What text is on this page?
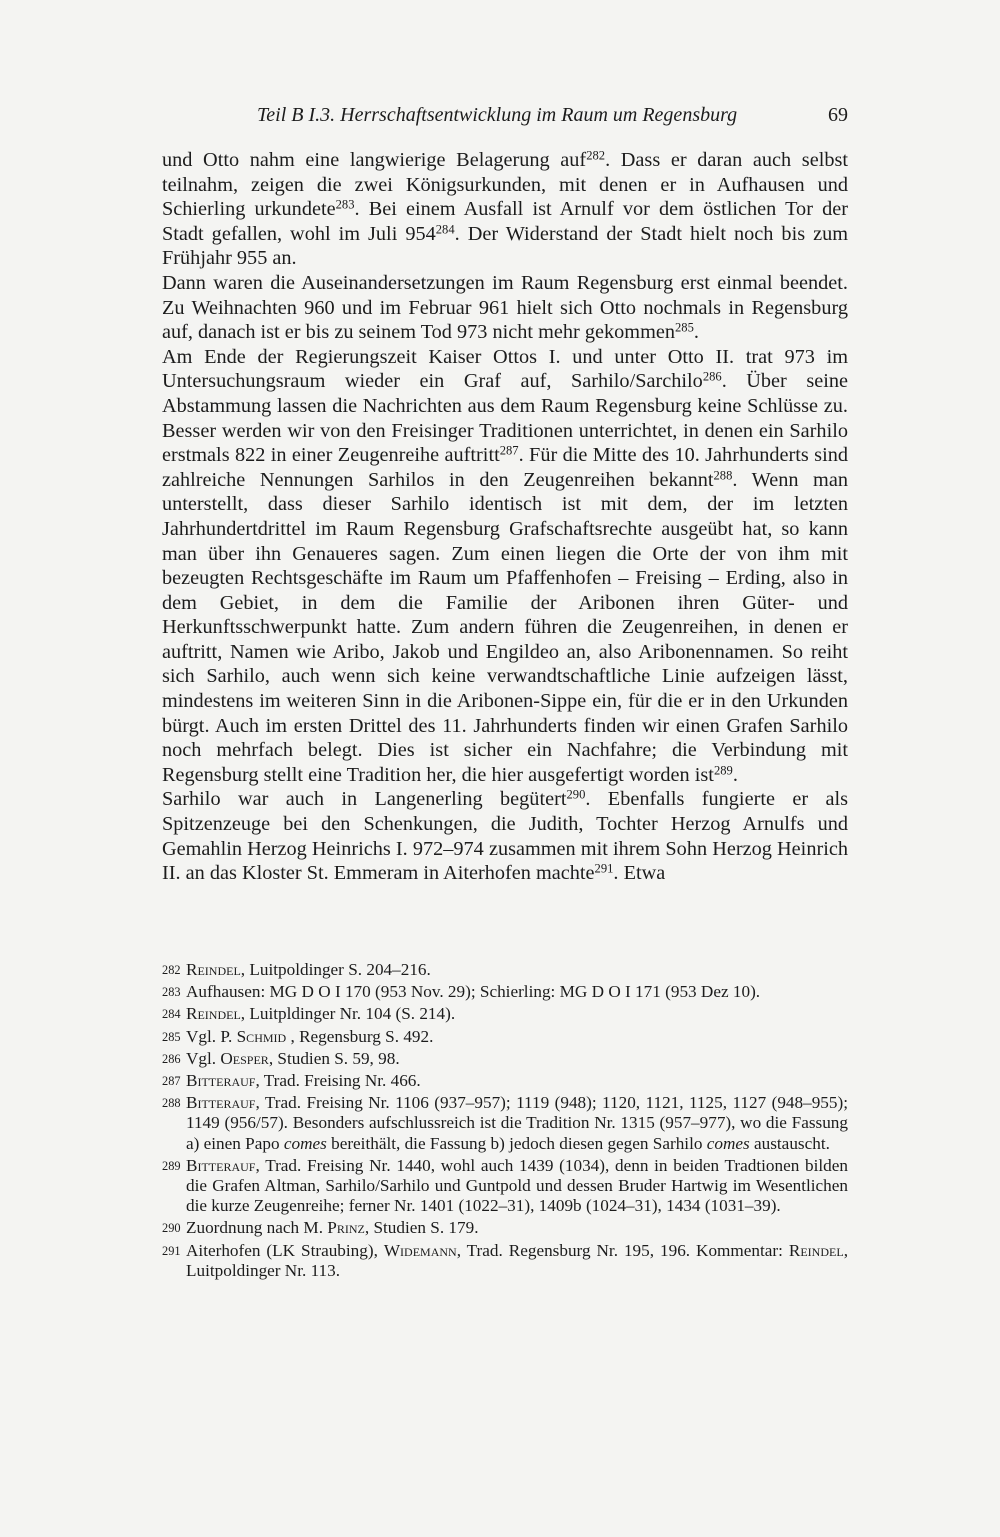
Teil B I.3. Herrschaftsentwicklung im Raum um Regensburg	69

und Otto nahm eine langwierige Belagerung auf$^{282}$. Dass er daran auch selbst teilnahm, zeigen die zwei Königsurkunden, mit denen er in Aufhausen und Schierling urkundete$^{283}$. Bei einem Ausfall ist Arnulf vor dem östlichen Tor der Stadt gefallen, wohl im Juli $954^{284}$. Der Widerstand der Stadt hielt noch bis zum Frühjahr 955 an.

Dann waren die Auseinandersetzungen im Raum Regensburg erst einmal beendet. Zu Weihnachten 960 und im Februar 961 hielt sich Otto nochmals in Regensburg auf, danach ist er bis zu seinem Tod 973 nicht mehr gekommen$^{285}$.

Am Ende der Regierungszeit Kaiser Ottos I. und unter Otto II. trat 973 im Untersuchungsraum wieder ein Graf auf, Sarhilo/Sarchilo$^{286}$. Über seine Abstammung lassen die Nachrichten aus dem Raum Regensburg keine Schlüsse zu. Besser werden wir von den Freisinger Traditionen unterrichtet, in denen ein Sarhilo erstmals 822 in einer Zeugenreihe auftritt$^{287}$. Für die Mitte des 10. Jahrhunderts sind zahlreiche Nennungen Sarhilos in den Zeugenreihen bekannt$^{288}$. Wenn man unterstellt, dass dieser Sarhilo identisch ist mit dem, der im letzten Jahrhundertdrittel im Raum Regensburg Grafschaftsrechte ausgeübt hat, so kann man über ihn Genaueres sagen. Zum einen liegen die Orte der von ihm mit bezeugten Rechtsgeschäfte im Raum um Pfaffenhofen – Freising – Erding, also in dem Gebiet, in dem die Familie der Aribonen ihren Güter- und Herkunftsschwerpunkt hatte. Zum andern führen die Zeugenreihen, in denen er auftritt, Namen wie Aribo, Jakob und Engildeo an, also Aribonennamen. So reiht sich Sarhilo, auch wenn sich keine verwandtschaftliche Linie aufzeigen lässt, mindestens im weiteren Sinn in die Aribonen-Sippe ein, für die er in den Urkunden bürgt. Auch im ersten Drittel des 11. Jahrhunderts finden wir einen Grafen Sarhilo noch mehrfach belegt. Dies ist sicher ein Nachfahre; die Verbindung mit Regensburg stellt eine Tradition her, die hier ausgefertigt worden ist$^{289}$.

Sarhilo war auch in Langenerling begütert$^{290}$. Ebenfalls fungierte er als Spitzenzeuge bei den Schenkungen, die Judith, Tochter Herzog Arnulfs und Gemahlin Herzog Heinrichs I. 972–974 zusammen mit ihrem Sohn Herzog Heinrich II. an das Kloster St. Emmeram in Aiterhofen machte$^{291}$. Etwa

282 Reindel, Luitpoldinger S. 204–216.
283 Aufhausen: MG D O I 170 (953 Nov. 29); Schierling: MG D O I 171 (953 Dez 10).
284 Reindel, Luitpldinger Nr. 104 (S. 214).
285 Vgl. P. Schmid , Regensburg S. 492.
286 Vgl. Oesper, Studien S. 59, 98.
287 Bitterauf, Trad. Freising Nr. 466.
288 Bitterauf, Trad. Freising Nr. 1106 (937–957); 1119 (948); 1120, 1121, 1125, 1127 (948–955); 1149 (956/57). Besonders aufschlussreich ist die Tradition Nr. 1315 (957–977), wo die Fassung a) einen Papo comes bereithält, die Fassung b) jedoch diesen gegen Sarhilo comes austauscht.
289 Bitterauf, Trad. Freising Nr. 1440, wohl auch 1439 (1034), denn in beiden Tradtionen bilden die Grafen Altman, Sarhilo/Sarhilo und Guntpold und dessen Bruder Hartwig im Wesentlichen die kurze Zeugenreihe; ferner Nr. 1401 (1022–31), 1409b (1024–31), 1434 (1031–39).
290 Zuordnung nach M. Prinz, Studien S. 179.
291 Aiterhofen (LK Straubing), Widemann, Trad. Regensburg Nr. 195, 196. Kommentar: Reindel, Luitpoldinger Nr. 113.
